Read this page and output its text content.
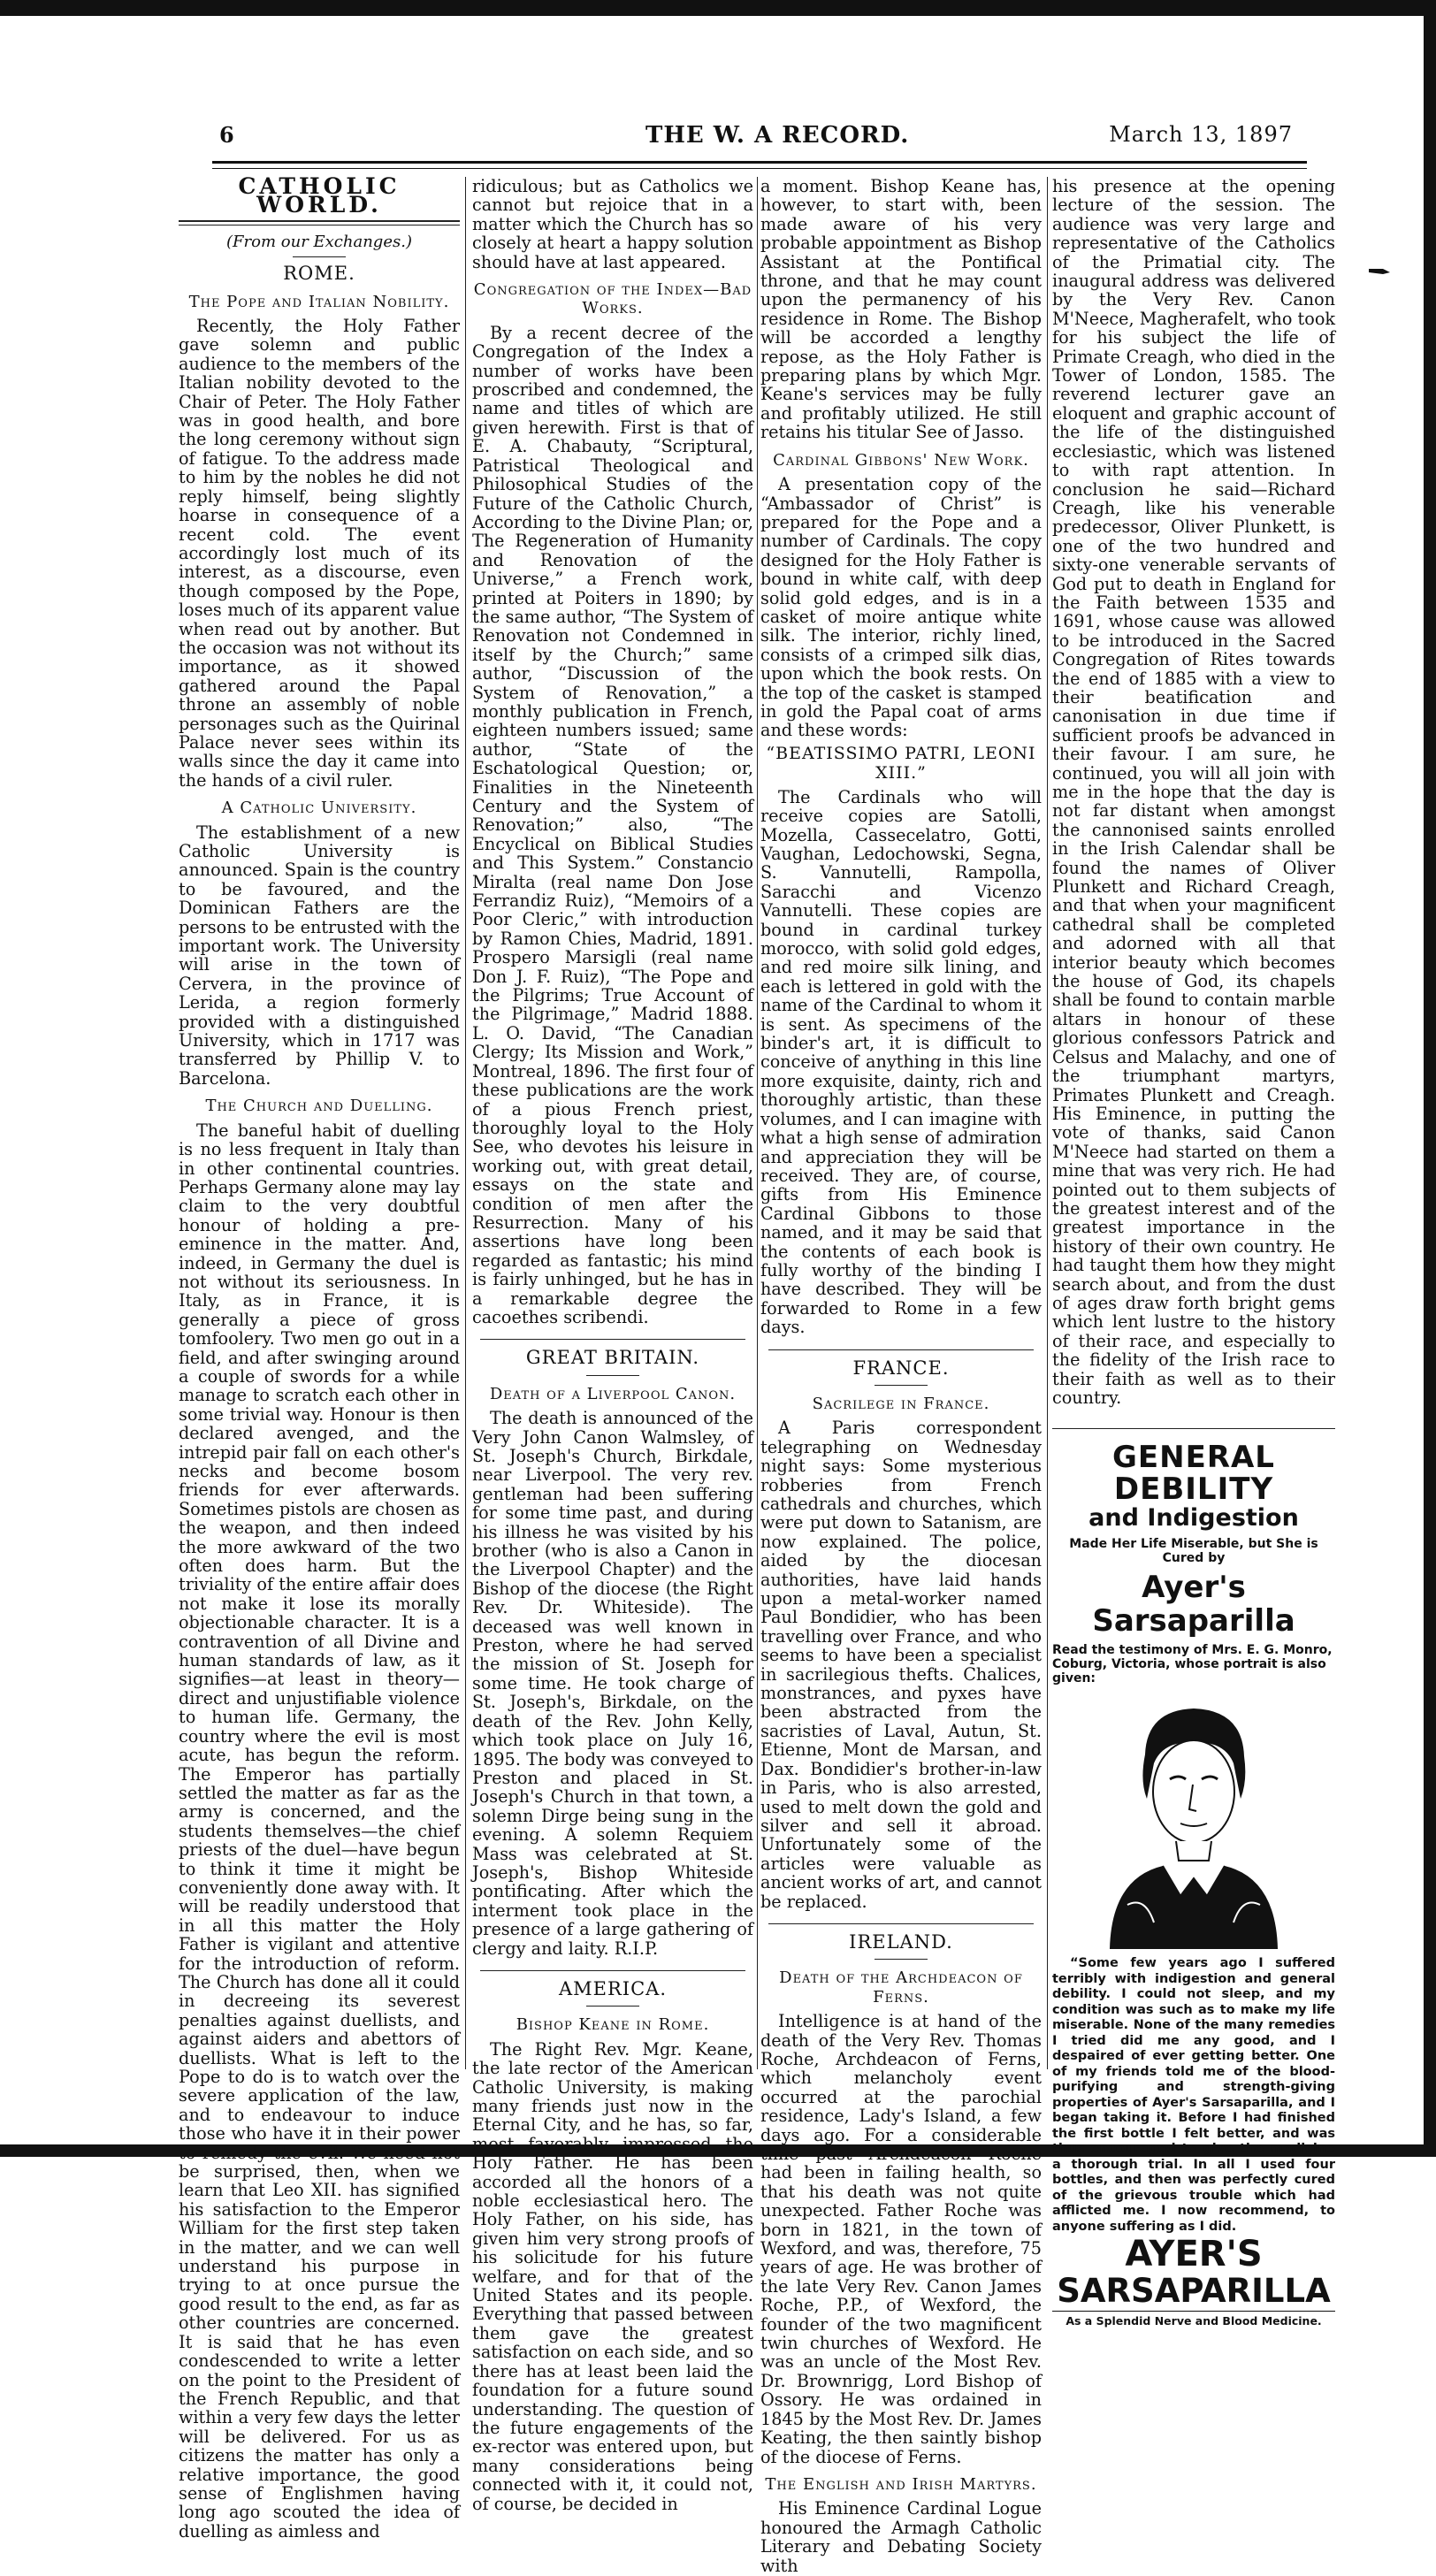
6	THE W. A RECORD.	March 13, 1897
CATHOLIC WORLD.
(From our Exchanges.)
ROME.
The Pope and Italian Nobility.

Recently, the Holy Father gave solemn and public audience to the members of the Italian nobility devoted to the Chair of Peter. The Holy Father was in good health, and bore the long ceremony without sign of fatigue. To the address made to him by the nobles he did not reply himself, being slightly hoarse in consequence of a recent cold. The event accordingly lost much of its interest, as a discourse, even though composed by the Pope, loses much of its apparent value when read out by another. But the occasion was not without its importance, as it showed gathered around the Papal throne an assembly of noble personages such as the Quirinal Palace never sees within its walls since the day it came into the hands of a civil ruler.

A Catholic University.

The establishment of a new Catholic University is announced. Spain is the country to be favoured, and the Dominican Fathers are the persons to be entrusted with the important work. The University will arise in the town of Cervera, in the province of Lerida, a region formerly provided with a distinguished University, which in 1717 was transferred by Phillip V. to Barcelona.

The Church and Duelling.

The baneful habit of duelling is no less frequent in Italy than in other continental countries. Perhaps Germany alone may lay claim to the very doubtful honour of holding a pre-eminence in the matter. And, indeed, in Germany the duel is not without its seriousness. In Italy, as in France, it is generally a piece of gross tomfoolery. Two men go out in a field, and after swinging around a couple of swords for a while manage to scratch each other in some trivial way. Honour is then declared avenged, and the intrepid pair fall on each other's necks and become bosom friends for ever afterwards. Sometimes pistols are chosen as the weapon, and then indeed the more awkward of the two often does harm. But the triviality of the entire affair does not make it lose its morally objectionable character. It is a contravention of all Divine and human standards of law, as it signifies—at least in theory—direct and unjustifiable violence to human life. Germany, the country where the evil is most acute, has begun the reform. The Emperor has partially settled the matter as far as the army is concerned, and the students themselves—the chief priests of the duel—have begun to think it time it might be conveniently done away with. It will be readily understood that in all this matter the Holy Father is vigilant and attentive for the introduction of reform. The Church has done all it could in decreeing its severest penalties against duellists, and against aiders and abettors of duellists. What is left to the Pope to do is to watch over the severe application of the law, and to endeavour to induce those who have it in their power to remedy the evil. We need not be surprised, then, when we learn that Leo XII. has signified his satisfaction to the Emperor William for the first step taken in the matter, and we can well understand his purpose in trying to at once pursue the good result to the end, as far as other countries are concerned. It is said that he has even condescended to write a letter on the point to the President of the French Republic, and that within a very few days the letter will be delivered. For us as citizens the matter has only a relative importance, the good sense of Englishmen having long ago scouted the idea of duelling as aimless and

ridiculous; but as Catholics we cannot but rejoice that in a matter which the Church has so closely at heart a happy solution should have at last appeared.

Congregation of the Index—Bad Works.

By a recent decree of the Congregation of the Index a number of works have been proscribed and condemned, the name and titles of which are given herewith. First is that of E. A. Chabauty, “Scriptural, Patristical Theological and Philosophical Studies of the Future of the Catholic Church, According to the Divine Plan; or, The Regeneration of Humanity and Renovation of the Universe,” a French work, printed at Poiters in 1890; by the same author, “The System of Renovation not Condemned in itself by the Church;” same author, “Discussion of the System of Renovation,” a monthly publication in French, eighteen numbers issued; same author, “State of the Eschatological Question; or, Finalities in the Nineteenth Century and the System of Renovation;” also, “The Encyclical on Biblical Studies and This System.” Constancio Miralta (real name Don Jose Ferrandiz Ruiz), “Memoirs of a Poor Cleric,” with introduction by Ramon Chies, Madrid, 1891. Prospero Marsigli (real name Don J. F. Ruiz), “The Pope and the Pilgrims; True Account of the Pilgrimage,” Madrid 1888. L. O. David, “The Canadian Clergy; Its Mission and Work,” Montreal, 1896. The first four of these publications are the work of a pious French priest, thoroughly loyal to the Holy See, who devotes his leisure in working out, with great detail, essays on the state and condition of men after the Resurrection. Many of his assertions have long been regarded as fantastic; his mind is fairly unhinged, but he has in a remarkable degree the cacoethes scribendi.

GREAT BRITAIN.
Death of a Liverpool Canon.

The death is announced of the Very John Canon Walmsley, of St. Joseph's Church, Birkdale, near Liverpool. The very rev. gentleman had been suffering for some time past, and during his illness he was visited by his brother (who is also a Canon in the Liverpool Chapter) and the Bishop of the diocese (the Right Rev. Dr. Whiteside). The deceased was well known in Preston, where he had served the mission of St. Joseph for some time. He took charge of St. Joseph's, Birkdale, on the death of the Rev. John Kelly, which took place on July 16, 1895. The body was conveyed to Preston and placed in St. Joseph's Church in that town, a solemn Dirge being sung in the evening. A solemn Requiem Mass was celebrated at St. Joseph's, Bishop Whiteside pontificating. After which the interment took place in the presence of a large gathering of clergy and laity. R.I.P.

AMERICA.
Bishop Keane in Rome.

The Right Rev. Mgr. Keane, the late rector of the American Catholic University, is making many friends just now in the Eternal City, and he has, so far, most favorably impressed the Holy Father. He has been accorded all the honors of a noble ecclesiastical hero. The Holy Father, on his side, has given him very strong proofs of his solicitude for his future welfare, and for that of the United States and its people. Everything that passed between them gave the greatest satisfaction on each side, and so there has at least been laid the foundation for a future sound understanding. The question of the future engagements of the ex-rector was entered upon, but many considerations being connected with it, it could not, of course, be decided in

a moment. Bishop Keane has, however, to start with, been made aware of his very probable appointment as Bishop Assistant at the Pontifical throne, and that he may count upon the permanency of his residence in Rome. The Bishop will be accorded a lengthy repose, as the Holy Father is preparing plans by which Mgr. Keane's services may be fully and profitably utilized. He still retains his titular See of Jasso.

Cardinal Gibbons' New Work.

A presentation copy of the “Ambassador of Christ” is prepared for the Pope and a number of Cardinals. The copy designed for the Holy Father is bound in white calf, with deep solid gold edges, and is in a casket of moire antique white silk. The interior, richly lined, consists of a crimped silk dias, upon which the book rests. On the top of the casket is stamped in gold the Papal coat of arms and these words:

“BEATISSIMO PATRI, LEONI XIII.”

The Cardinals who will receive copies are Satolli, Mozella, Cassecelatro, Gotti, Vaughan, Ledochowski, Segna, S. Vannutelli, Rampolla, Saracchi and Vicenzo Vannutelli. These copies are bound in cardinal turkey morocco, with solid gold edges, and red moire silk lining, and each is lettered in gold with the name of the Cardinal to whom it is sent. As specimens of the binder's art, it is difficult to conceive of anything in this line more exquisite, dainty, rich and thoroughly artistic, than these volumes, and I can imagine with what a high sense of admiration and appreciation they will be received. They are, of course, gifts from His Eminence Cardinal Gibbons to those named, and it may be said that the contents of each book is fully worthy of the binding I have described. They will be forwarded to Rome in a few days.

FRANCE.
Sacrilege in France.

A Paris correspondent telegraphing on Wednesday night says: Some mysterious robberies from French cathedrals and churches, which were put down to Satanism, are now explained. The police, aided by the diocesan authorities, have laid hands upon a metal-worker named Paul Bondidier, who has been travelling over France, and who seems to have been a specialist in sacrilegious thefts. Chalices, monstrances, and pyxes have been abstracted from the sacristies of Laval, Autun, St. Etienne, Mont de Marsan, and Dax. Bondidier's brother-in-law in Paris, who is also arrested, used to melt down the gold and silver and sell it abroad. Unfortunately some of the articles were valuable as ancient works of art, and cannot be replaced.

IRELAND.
Death of the Archdeacon of Ferns.

Intelligence is at hand of the death of the Very Rev. Thomas Roche, Archdeacon of Ferns, which melancholy event occurred at the parochial residence, Lady's Island, a few days ago. For a considerable time past Archdeacon Roche had been in failing health, so that his death was not quite unexpected. Father Roche was born in 1821, in the town of Wexford, and was, therefore, 75 years of age. He was brother of the late Very Rev. Canon James Roche, P.P., of Wexford, the founder of the two magnificent twin churches of Wexford. He was an uncle of the Most Rev. Dr. Brownrigg, Lord Bishop of Ossory. He was ordained in 1845 by the Most Rev. Dr. James Keating, the then saintly bishop of the diocese of Ferns.

The English and Irish Martyrs.

His Eminence Cardinal Logue honoured the Armagh Catholic Literary and Debating Society with

his presence at the opening lecture of the session. The audience was very large and representative of the Catholics of the Primatial city. The inaugural address was delivered by the Very Rev. Canon M'Neece, Magherafelt, who took for his subject the life of Primate Creagh, who died in the Tower of London, 1585. The reverend lecturer gave an eloquent and graphic account of the life of the distinguished ecclesiastic, which was listened to with rapt attention. In conclusion he said—Richard Creagh, like his venerable predecessor, Oliver Plunkett, is one of the two hundred and sixty-one venerable servants of God put to death in England for the Faith between 1535 and 1691, whose cause was allowed to be introduced in the Sacred Congregation of Rites towards the end of 1885 with a view to their beatification and canonisation in due time if sufficient proofs be advanced in their favour. I am sure, he continued, you will all join with me in the hope that the day is not far distant when amongst the cannonised saints enrolled in the Irish Calendar shall be found the names of Oliver Plunkett and Richard Creagh, and that when your magnificent cathedral shall be completed and adorned with all that interior beauty which becomes the house of God, its chapels shall be found to contain marble altars in honour of these glorious confessors Patrick and Celsus and Malachy, and one of the triumphant martyrs, Primates Plunkett and Creagh. His Eminence, in putting the vote of thanks, said Canon M'Neece had started on them a mine that was very rich. He had pointed out to them subjects of the greatest interest and of the greatest importance in the history of their own country. He had taught them how they might search about, and from the dust of ages draw forth bright gems which lent lustre to the history of their race, and especially to the fidelity of the Irish race to their faith as well as to their country.

GENERAL DEBILITY
and Indigestion
Made Her Life Miserable, but She is Cured by
Ayer's Sarsaparilla
Read the testimony of Mrs. E. G. Monro, Coburg, Victoria, whose portrait is also given:

“Some few years ago I suffered terribly with indigestion and general debility. I could not sleep, and my condition was such as to make my life miserable. None of the many remedies I tried did me any good, and I despaired of ever getting better. One of my friends told me of the blood-purifying and strength-giving properties of Ayer's Sarsaparilla, and I began taking it. Before I had finished the first bottle I felt better, and was thus encouraged to give the medicine a thorough trial. In all I used four bottles, and then was perfectly cured of the grievous trouble which had afflicted me. I now recommend, to anyone suffering as I did.

AYER'S
SARSAPARILLA
As a Splendid Nerve and Blood Medicine.
